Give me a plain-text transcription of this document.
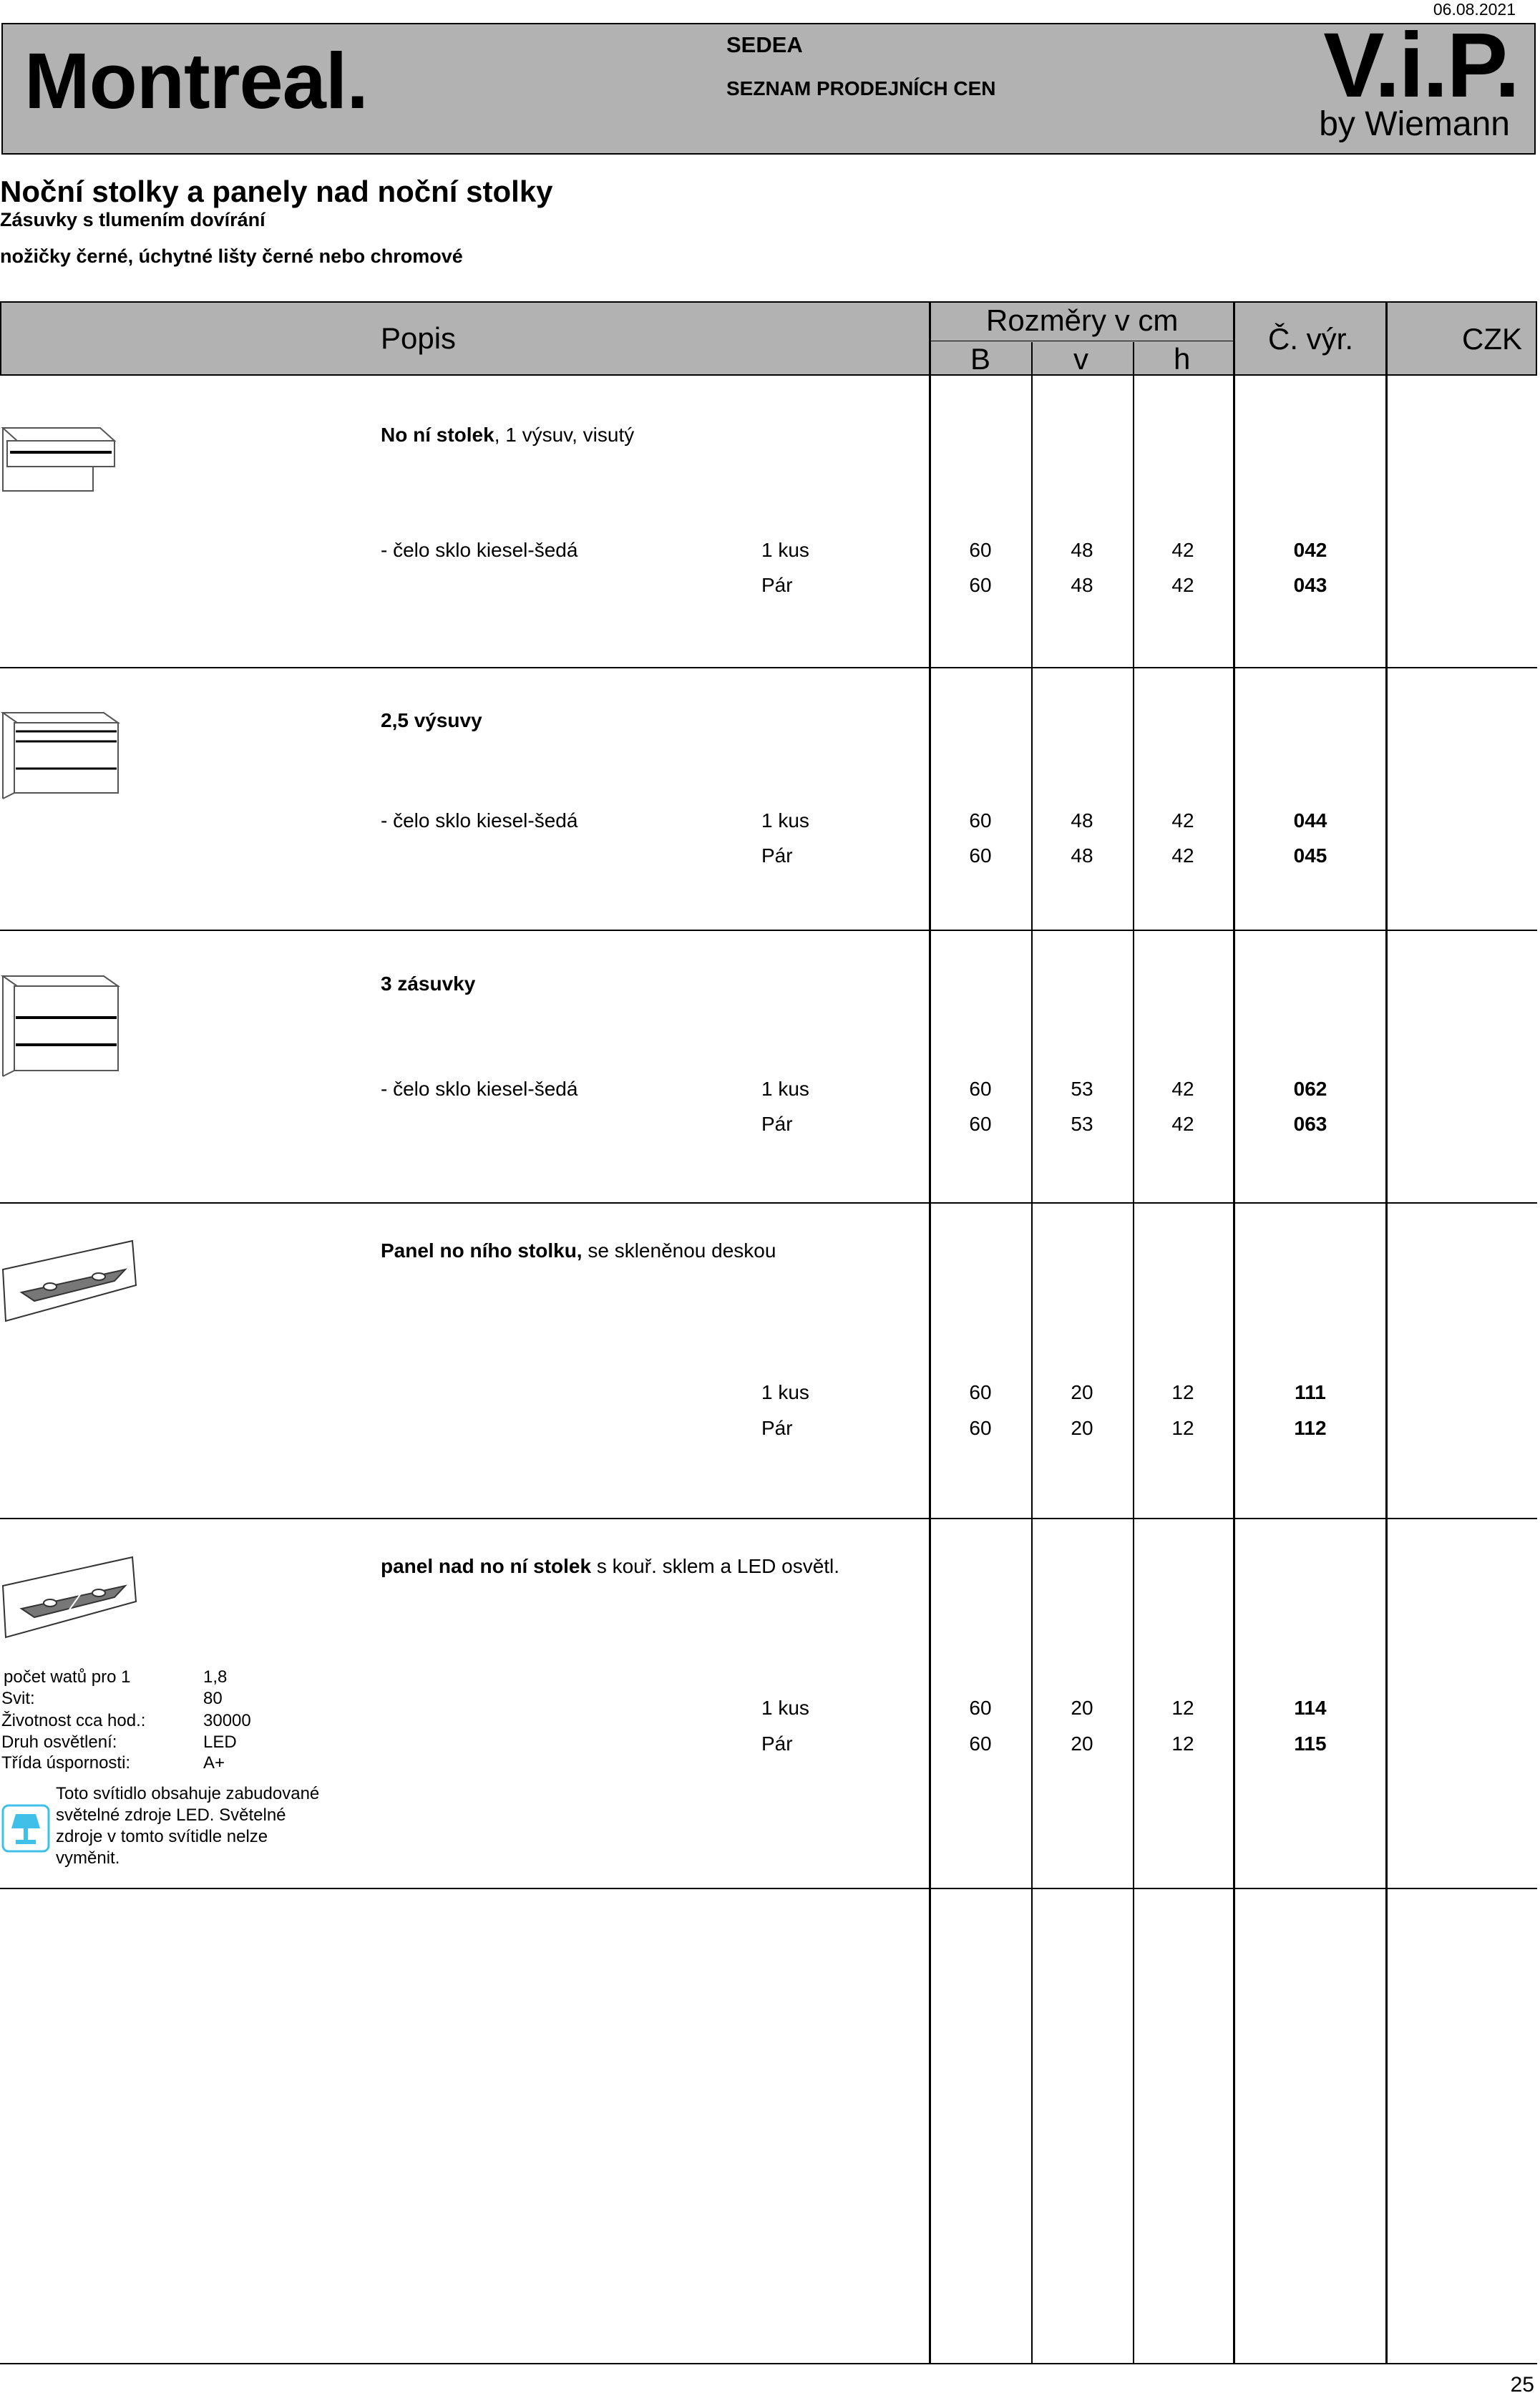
06.08.2021
Montreal.	SEDEA
SEZNAM PRODEJNÍCH CEN	V.i.P.
by Wiemann
Noční stolky a panely nad noční stolky
Zásuvky s tlumením dovírání
nožičky černé, úchytné lišty černé nebo chromové
Popis
Rozměry v cm
B	v	h
Č. výr.	CZK
No ní stolek, 1 výsuv, visutý
- čelo sklo kiesel-šedá	1 kus	60	48	42	042
Pár	60	48	42	043
2,5 výsuvy
- čelo sklo kiesel-šedá	1 kus	60	48	42	044
Pár	60	48	42	045
3 zásuvky
- čelo sklo kiesel-šedá	1 kus	60	53	42	062
Pár	60	53	42	063
Panel no ního stolku, se skleněnou deskou
1 kus	60	20	12	111
Pár	60	20	12	112
panel nad no ní stolek s kouř. sklem a LED osvětl.
počet watů pro 1	1,8
Svit:	80
Životnost cca hod.:	30000
Druh osvětlení:	LED
Třída úspornosti:	A+
Toto svítidlo obsahuje zabudované
světelné zdroje LED. Světelné
zdroje v tomto svítidle nelze
vyměnit.
1 kus	60	20	12	114
Pár	60	20	12	115
25
